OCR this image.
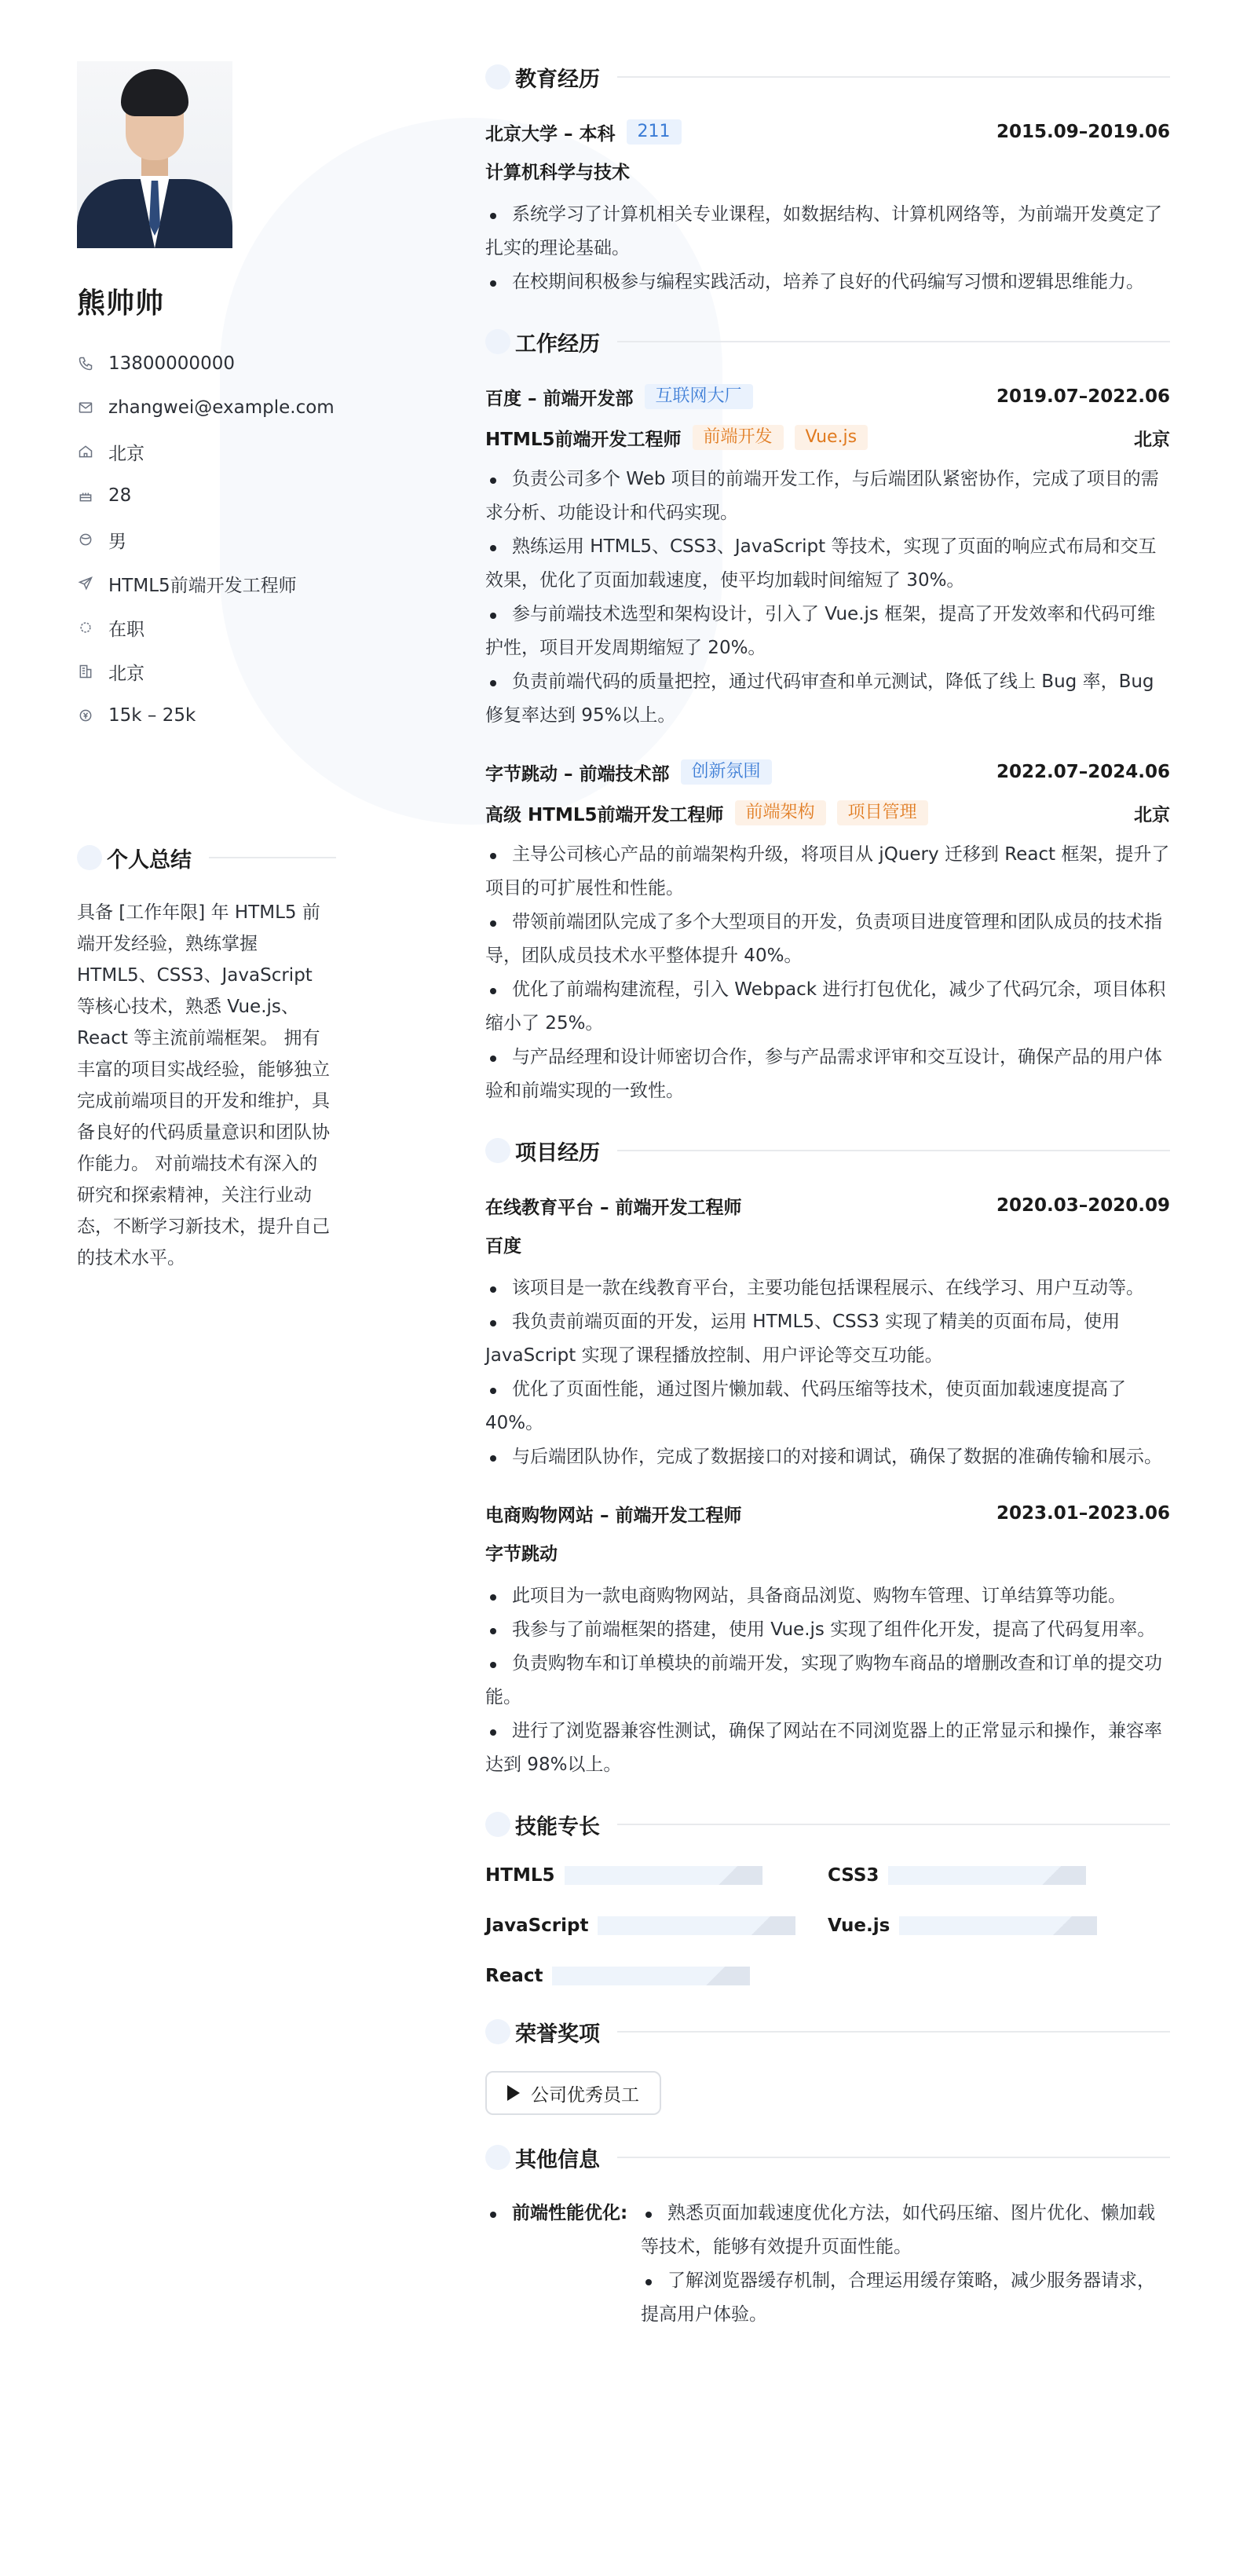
熊帅帅
13800000000
zhangwei@example.com
北京
28
男
HTML5前端开发工程师
在职
北京
15k – 25k
个人总结
具备 [工作年限] 年 HTML5 前端开发经验，熟练掌握 HTML5、CSS3、JavaScript 等核心技术，熟悉 Vue.js、React 等主流前端框架。 拥有丰富的项目实战经验，能够独立完成前端项目的开发和维护，具备良好的代码质量意识和团队协作能力。 对前端技术有深入的研究和探索精神，关注行业动态，不断学习新技术，提升自己的技术水平。
教育经历
北京大学 – 本科	211	2015.09–2019.06
计算机科学与技术
系统学习了计算机相关专业课程，如数据结构、计算机网络等，为前端开发奠定了扎实的理论基础。
在校期间积极参与编程实践活动，培养了良好的代码编写习惯和逻辑思维能力。
工作经历
百度 – 前端开发部	互联网大厂	2019.07–2022.06
HTML5前端开发工程师	前端开发	Vue.js	北京
负责公司多个 Web 项目的前端开发工作，与后端团队紧密协作，完成了项目的需求分析、功能设计和代码实现。
熟练运用 HTML5、CSS3、JavaScript 等技术，实现了页面的响应式布局和交互效果，优化了页面加载速度，使平均加载时间缩短了 30%。
参与前端技术选型和架构设计，引入了 Vue.js 框架，提高了开发效率和代码可维护性，项目开发周期缩短了 20%。
负责前端代码的质量把控，通过代码审查和单元测试，降低了线上 Bug 率，Bug 修复率达到 95%以上。
字节跳动 – 前端技术部	创新氛围	2022.07–2024.06
高级 HTML5前端开发工程师	前端架构	项目管理	北京
主导公司核心产品的前端架构升级，将项目从 jQuery 迁移到 React 框架，提升了项目的可扩展性和性能。
带领前端团队完成了多个大型项目的开发，负责项目进度管理和团队成员的技术指导，团队成员技术水平整体提升 40%。
优化了前端构建流程，引入 Webpack 进行打包优化，减少了代码冗余，项目体积缩小了 25%。
与产品经理和设计师密切合作，参与产品需求评审和交互设计，确保产品的用户体验和前端实现的一致性。
项目经历
在线教育平台 – 前端开发工程师	2020.03–2020.09
百度
该项目是一款在线教育平台，主要功能包括课程展示、在线学习、用户互动等。
我负责前端页面的开发，运用 HTML5、CSS3 实现了精美的页面布局，使用 JavaScript 实现了课程播放控制、用户评论等交互功能。
优化了页面性能，通过图片懒加载、代码压缩等技术，使页面加载速度提高了 40%。
与后端团队协作，完成了数据接口的对接和调试，确保了数据的准确传输和展示。
电商购物网站 – 前端开发工程师	2023.01–2023.06
字节跳动
此项目为一款电商购物网站，具备商品浏览、购物车管理、订单结算等功能。
我参与了前端框架的搭建，使用 Vue.js 实现了组件化开发，提高了代码复用率。
负责购物车和订单模块的前端开发，实现了购物车商品的增删改查和订单的提交功能。
进行了浏览器兼容性测试，确保了网站在不同浏览器上的正常显示和操作，兼容率达到 98%以上。
技能专长
HTML5	CSS3
JavaScript	Vue.js
React
荣誉奖项
公司优秀员工
其他信息
前端性能优化:	熟悉页面加载速度优化方法，如代码压缩、图片优化、懒加载等技术，能够有效提升页面性能。
了解浏览器缓存机制，合理运用缓存策略，减少服务器请求，提高用户体验。
